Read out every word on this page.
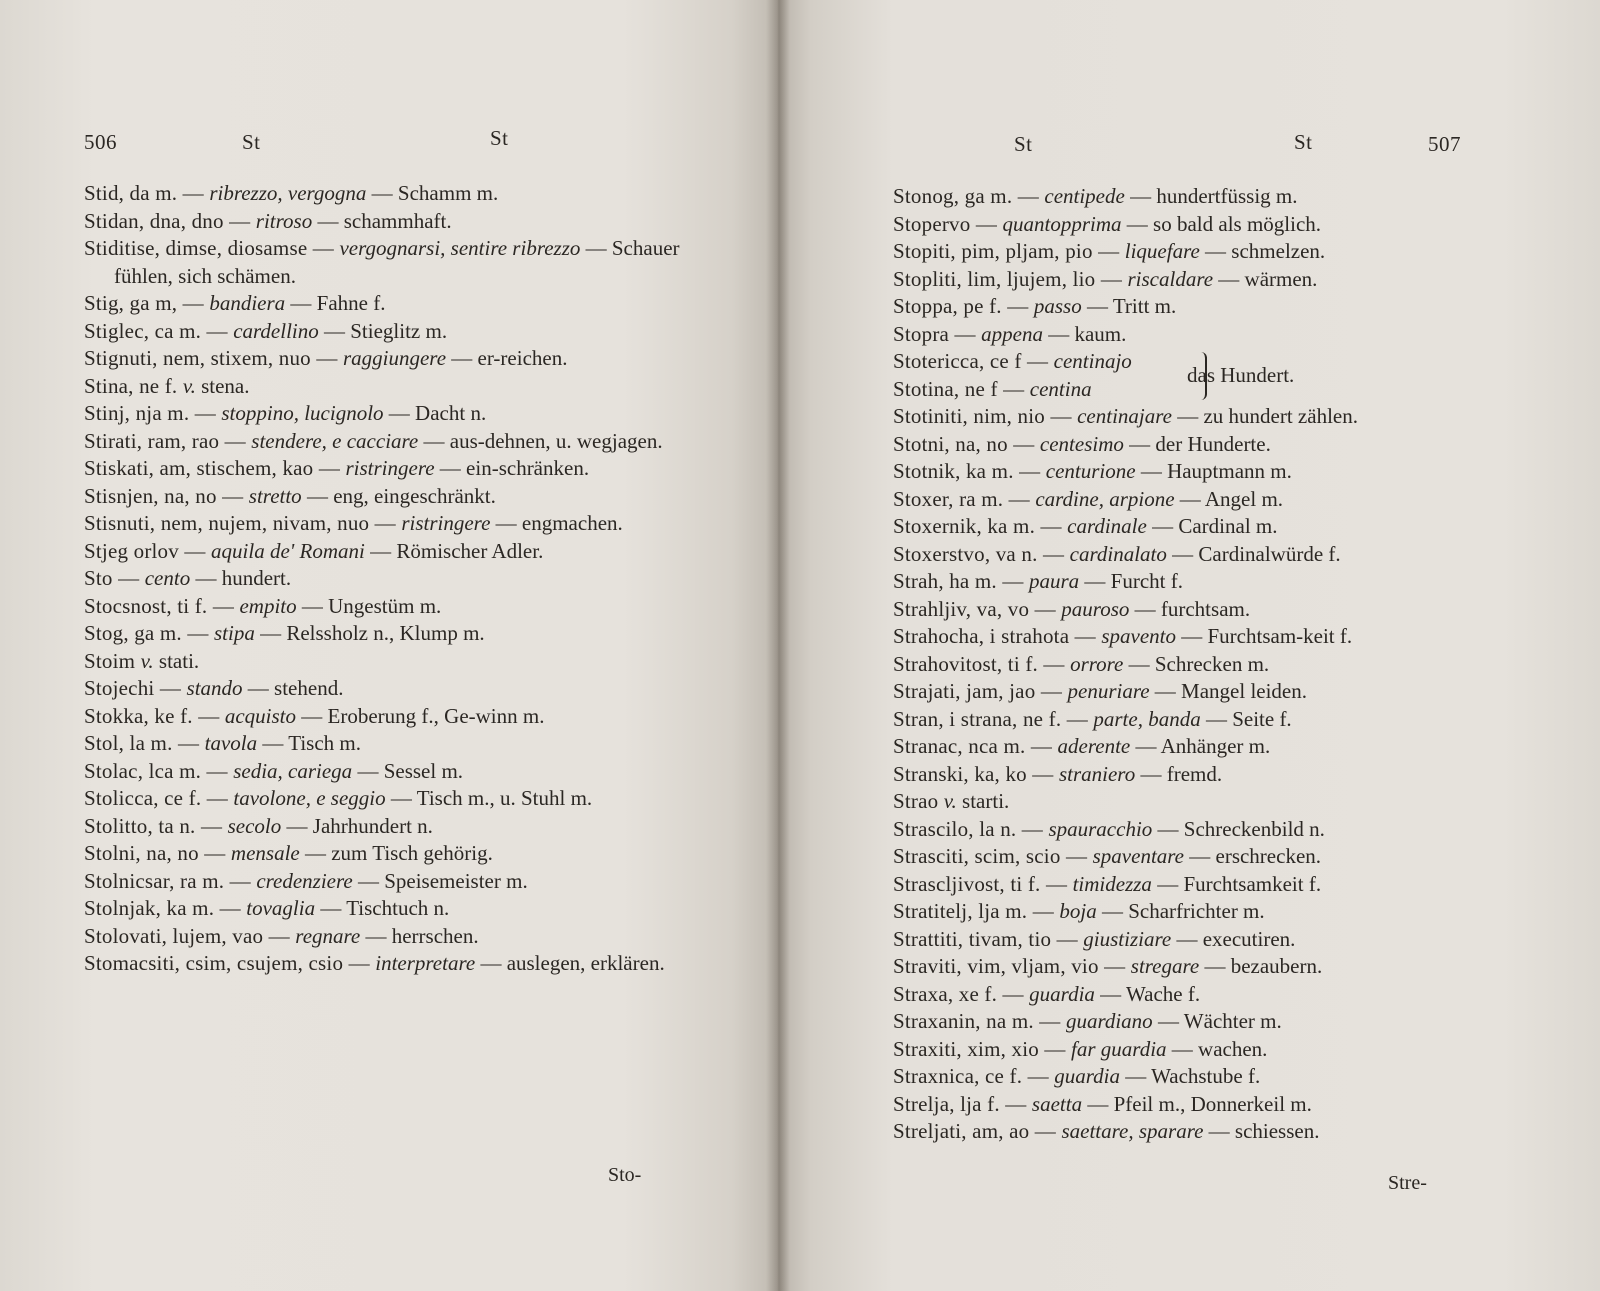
506	St	St
Stid, da m. — ribrezzo, vergogna — Schamm m.
Stidan, dna, dno — ritroso — schammhaft.
Stiditise, dimse, diosamse — vergognarsi, sentire ribrezzo — Schauer fühlen, sich schämen.
Stig, ga m, — bandiera — Fahne f.
Stiglec, ca m. — cardellino — Stieglitz m.
Stignuti, nem, stixem, nuo — raggiungere — er-reichen.
Stina, ne f. v. stena.
Stinj, nja m. — stoppino, lucignolo — Dacht n.
Stirati, ram, rao — stendere, e cacciare — aus-dehnen, u. wegjagen.
Stiskati, am, stischem, kao — ristringere — ein-schränken.
Stisnjen, na, no — stretto — eng, eingeschränkt.
Stisnuti, nem, nujem, nivam, nuo — ristringere — engmachen.
Stjeg orlov — aquila de' Romani — Römischer Adler.
Sto — cento — hundert.
Stocsnost, ti f. — empito — Ungestüm m.
Stog, ga m. — stipa — Relssholz n., Klump m.
Stoim v. stati.
Stojechi — stando — stehend.
Stokka, ke f. — acquisto — Eroberung f., Ge-winn m.
Stol, la m. — tavola — Tisch m.
Stolac, lca m. — sedia, cariega — Sessel m.
Stolicca, ce f. — tavolone, e seggio — Tisch m., u. Stuhl m.
Stolitto, ta n. — secolo — Jahrhundert n.
Stolni, na, no — mensale — zum Tisch gehörig.
Stolnicsar, ra m. — credenziere — Speisemeister m.
Stolnjak, ka m. — tovaglia — Tischtuch n.
Stolovati, lujem, vao — regnare — herrschen.
Stomacsiti, csim, csujem, csio — interpretare — auslegen, erklären.
Sto-
St	St	507
Stonog, ga m. — centipede — hundertfüssig m.
Stopervo — quantopprima — so bald als möglich.
Stopiti, pim, pljam, pio — liquefare — schmelzen.
Stopliti, lim, ljujem, lio — riscaldare — wärmen.
Stoppa, pe f. — passo — Tritt m.
Stopra — appena — kaum.
Stotericca, ce f — centinajo
Stotina, ne f — centina
das Hundert.
Stotiniti, nim, nio — centinajare — zu hundert zählen.
Stotni, na, no — centesimo — der Hunderte.
Stotnik, ka m. — centurione — Hauptmann m.
Stoxer, ra m. — cardine, arpione — Angel m.
Stoxernik, ka m. — cardinale — Cardinal m.
Stoxerstvo, va n. — cardinalato — Cardinalwürde f.
Strah, ha m. — paura — Furcht f.
Strahljiv, va, vo — pauroso — furchtsam.
Strahocha, i strahota — spavento — Furchtsam-keit f.
Strahovitost, ti f. — orrore — Schrecken m.
Strajati, jam, jao — penuriare — Mangel leiden.
Stran, i strana, ne f. — parte, banda — Seite f.
Stranac, nca m. — aderente — Anhänger m.
Stranski, ka, ko — straniero — fremd.
Strao v. starti.
Strascilo, la n. — spauracchio — Schreckenbild n.
Strasciti, scim, scio — spaventare — erschrecken.
Strascljivost, ti f. — timidezza — Furchtsamkeit f.
Stratitelj, lja m. — boja — Scharfrichter m.
Strattiti, tivam, tio — giustiziare — executiren.
Straviti, vim, vljam, vio — stregare — bezaubern.
Straxa, xe f. — guardia — Wache f.
Straxanin, na m. — guardiano — Wächter m.
Straxiti, xim, xio — far guardia — wachen.
Straxnica, ce f. — guardia — Wachstube f.
Strelja, lja f. — saetta — Pfeil m., Donnerkeil m.
Streljati, am, ao — saettare, sparare — schiessen.
Stre-
